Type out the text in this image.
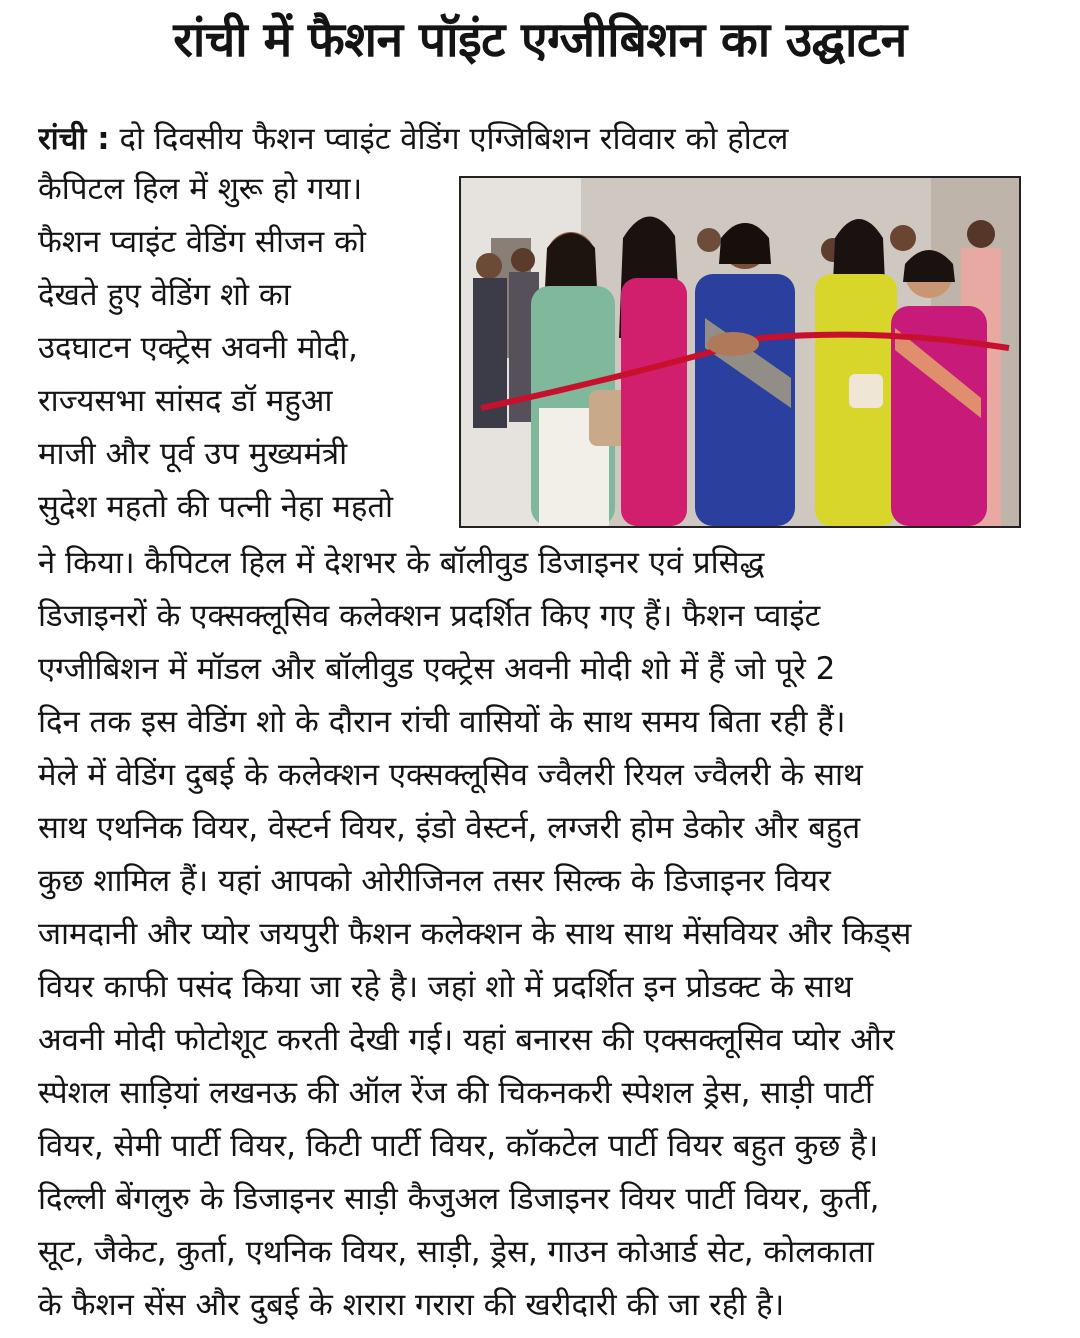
रांची में फैशन पॉइंट एग्जीबिशन का उद्घाटन
रांची : दो दिवसीय फैशन प्वाइंट वेडिंग एग्जिबिशन रविवार को होटल
कैपिटल हिल में शुरू हो गया।
फैशन प्वाइंट वेडिंग सीजन को
देखते हुए वेडिंग शो का
उदघाटन एक्ट्रेस अवनी मोदी,
राज्यसभा सांसद डॉ महुआ
माजी और पूर्व उप मुख्यमंत्री
सुदेश महतो की पत्नी नेहा महतो
ने किया। कैपिटल हिल में देशभर के बॉलीवुड डिजाइनर एवं प्रसिद्ध
डिजाइनरों के एक्सक्लूसिव कलेक्शन प्रदर्शित किए गए हैं। फैशन प्वाइंट
एग्जीबिशन में मॉडल और बॉलीवुड एक्ट्रेस अवनी मोदी शो में हैं जो पूरे 2
दिन तक इस वेडिंग शो के दौरान रांची वासियों के साथ समय बिता रही हैं।
मेले में वेडिंग दुबई के कलेक्शन एक्सक्लूसिव ज्वैलरी रियल ज्वैलरी के साथ
साथ एथनिक वियर, वेस्टर्न वियर, इंडो वेस्टर्न, लग्जरी होम डेकोर और बहुत
कुछ शामिल हैं। यहां आपको ओरीजिनल तसर सिल्क के डिजाइनर वियर
जामदानी और प्योर जयपुरी फैशन कलेक्शन के साथ साथ मेंसवियर और किड्स
वियर काफी पसंद किया जा रहे है। जहां शो में प्रदर्शित इन प्रोडक्ट के साथ
अवनी मोदी फोटोशूट करती देखी गई। यहां बनारस की एक्सक्लूसिव प्योर और
स्पेशल साड़ियां लखनऊ की ऑल रेंज की चिकनकरी स्पेशल ड्रेस, साड़ी पार्टी
वियर, सेमी पार्टी वियर, किटी पार्टी वियर, कॉकटेल पार्टी वियर बहुत कुछ है।
दिल्ली बेंगलुरु के डिजाइनर साड़ी कैजुअल डिजाइनर वियर पार्टी वियर, कुर्ती,
सूट, जैकेट, कुर्ता, एथनिक वियर, साड़ी, ड्रेस, गाउन कोआर्ड सेट, कोलकाता
के फैशन सेंस और दुबई के शरारा गरारा की खरीदारी की जा रही है।
